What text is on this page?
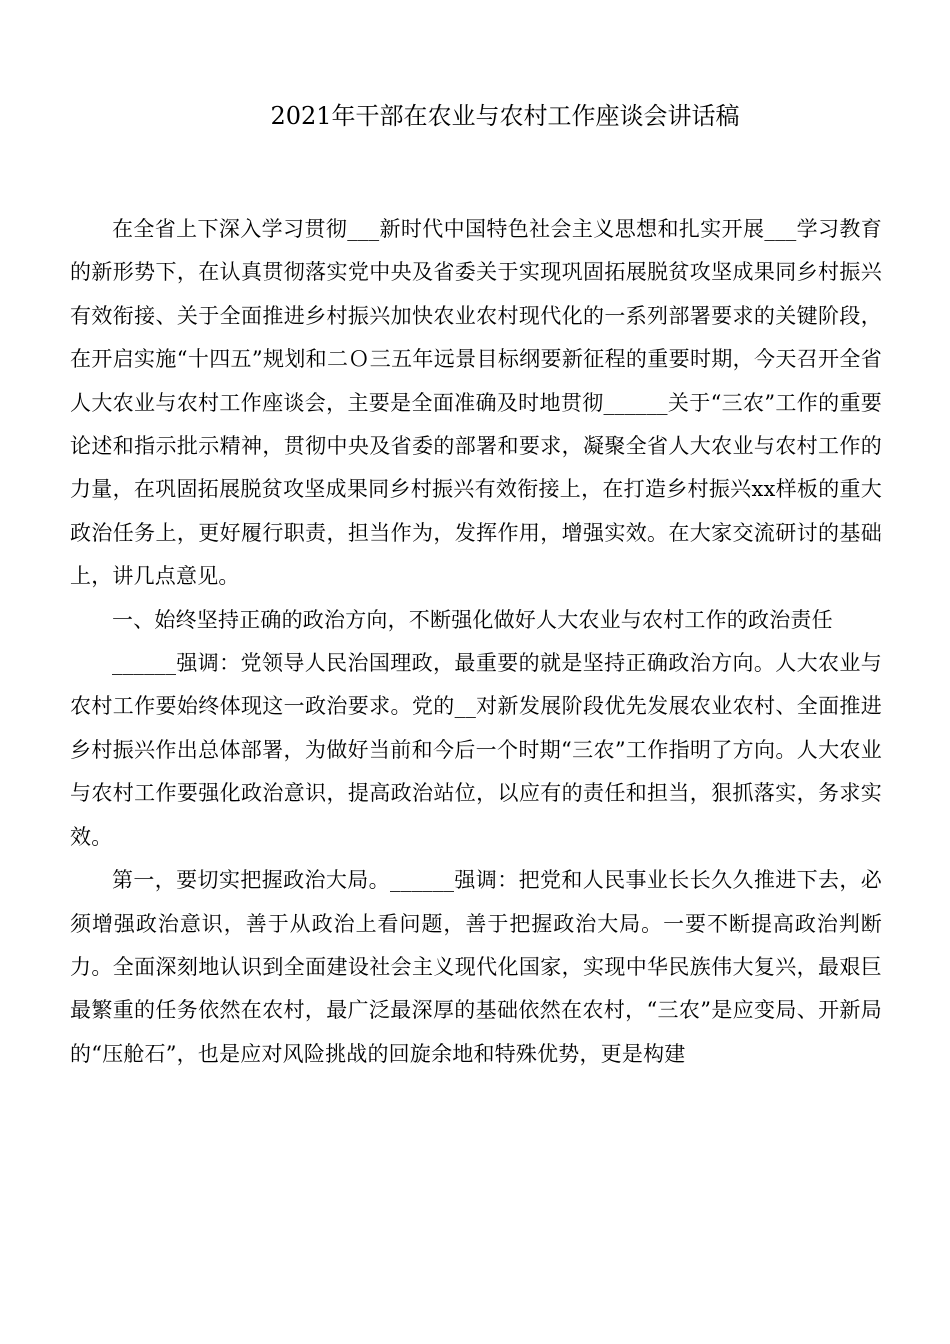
2021年干部在农业与农村工作座谈会讲话稿

在全省上下深入学习贯彻___新时代中国特色社会主义思想和扎实开展___学习教育的新形势下，在认真贯彻落实党中央及省委关于实现巩固拓展脱贫攻坚成果同乡村振兴有效衔接、关于全面推进乡村振兴加快农业农村现代化的一系列部署要求的关键阶段，在开启实施“十四五”规划和二Ｏ三五年远景目标纲要新征程的重要时期，今天召开全省人大农业与农村工作座谈会，主要是全面准确及时地贯彻______关于“三农”工作的重要论述和指示批示精神，贯彻中央及省委的部署和要求，凝聚全省人大农业与农村工作的力量，在巩固拓展脱贫攻坚成果同乡村振兴有效衔接上，在打造乡村振兴xx样板的重大政治任务上，更好履行职责，担当作为，发挥作用，增强实效。在大家交流研讨的基础上，讲几点意见。

一、始终坚持正确的政治方向，不断强化做好人大农业与农村工作的政治责任

______强调：党领导人民治国理政，最重要的就是坚持正确政治方向。人大农业与农村工作要始终体现这一政治要求。党的__对新发展阶段优先发展农业农村、全面推进乡村振兴作出总体部署，为做好当前和今后一个时期“三农”工作指明了方向。人大农业与农村工作要强化政治意识，提高政治站位，以应有的责任和担当，狠抓落实，务求实效。

第一，要切实把握政治大局。______强调：把党和人民事业长长久久推进下去，必须增强政治意识，善于从政治上看问题，善于把握政治大局。一要不断提高政治判断力。全面深刻地认识到全面建设社会主义现代化国家，实现中华民族伟大复兴，最艰巨最繁重的任务依然在农村，最广泛最深厚的基础依然在农村，“三农”是应变局、开新局的“压舱石”，也是应对风险挑战的回旋余地和特殊优势，更是构建
